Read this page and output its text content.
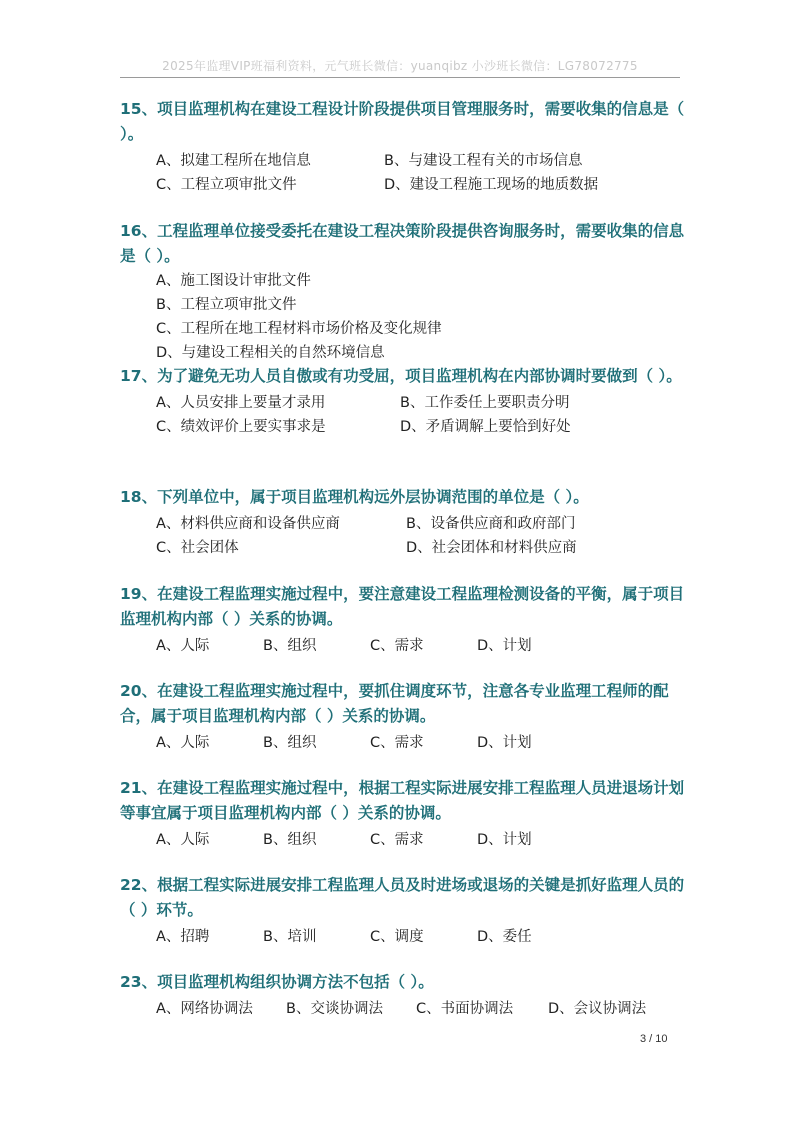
2025年监理VIP班福利资料，元气班长微信：yuanqibz 小沙班长微信：LG78072775

15、项目监理机构在建设工程设计阶段提供项目管理服务时，需要收集的信息是（ ）。

A、拟建工程所在地信息	B、与建设工程有关的市场信息
C、工程立项审批文件	D、建设工程施工现场的地质数据

16、工程监理单位接受委托在建设工程决策阶段提供咨询服务时，需要收集的信息是（ ）。

A、施工图设计审批文件
B、工程立项审批文件
C、工程所在地工程材料市场价格及变化规律
D、与建设工程相关的自然环境信息

17、为了避免无功人员自傲或有功受屈，项目监理机构在内部协调时要做到（ ）。

A、人员安排上要量才录用	B、工作委任上要职责分明
C、绩效评价上要实事求是	D、矛盾调解上要恰到好处

18、下列单位中，属于项目监理机构远外层协调范围的单位是（ ）。

A、材料供应商和设备供应商	B、设备供应商和政府部门
C、社会团体	D、社会团体和材料供应商

19、在建设工程监理实施过程中，要注意建设工程监理检测设备的平衡，属于项目监理机构内部（ ）关系的协调。

A、人际	B、组织	C、需求	D、计划

20、在建设工程监理实施过程中，要抓住调度环节，注意各专业监理工程师的配合，属于项目监理机构内部（ ）关系的协调。

A、人际	B、组织	C、需求	D、计划

21、在建设工程监理实施过程中，根据工程实际进展安排工程监理人员进退场计划等事宜属于项目监理机构内部（ ）关系的协调。

A、人际	B、组织	C、需求	D、计划

22、根据工程实际进展安排工程监理人员及时进场或退场的关键是抓好监理人员的（ ）环节。

A、招聘	B、培训	C、调度	D、委任

23、项目监理机构组织协调方法不包括（ ）。

A、网络协调法	B、交谈协调法	C、书面协调法	D、会议协调法
3 / 10
